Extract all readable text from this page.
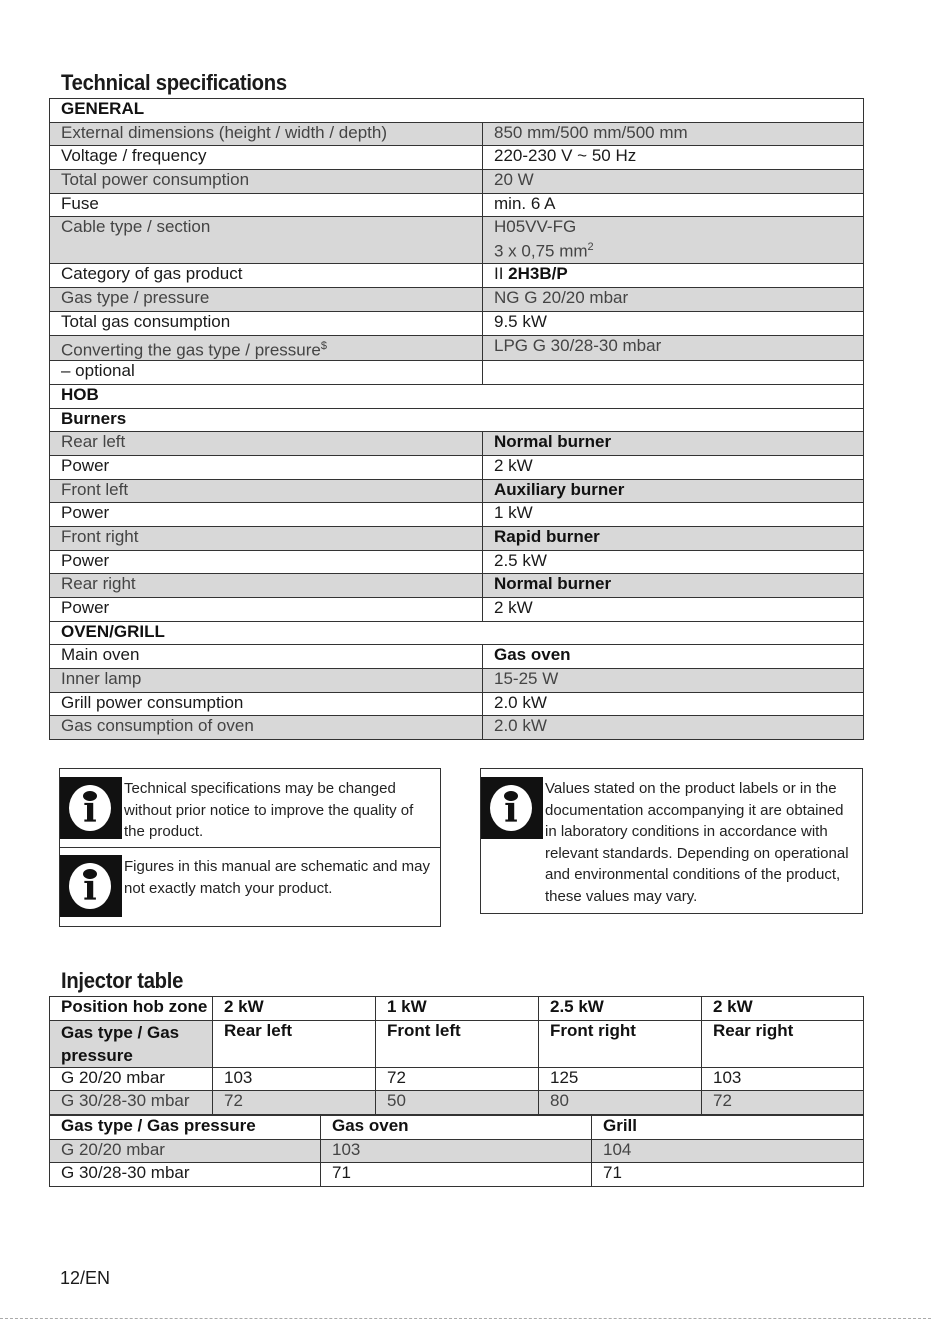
Technical specifications
GENERAL	
External dimensions (height / width / depth)	850 mm/500 mm/500 mm
Voltage / frequency	220-230 V ~ 50 Hz
Total power consumption	20 W
Fuse	min. 6 A
Cable type / section	H05VV-FG
3 x 0,75 $mm^2$

Category of gas product	II 2H3B/P
Gas type / pressure	NG G 20/20 mbar
Total gas consumption	9.5 kW
Converting the gas type / pressure$	LPG G 30/28-30 mbar
– optional	
HOB	
Burners	
Rear left	Normal burner
Power	2 kW
Front left	Auxiliary burner
Power	1 kW
Front right	Rapid burner
Power	2.5 kW
Rear right	Normal burner
Power	2 kW
OVEN/GRILL	
Main oven	Gas oven
Inner lamp	15-25 W
Grill power consumption	2.0 kW
Gas consumption of oven	2.0 kW
i
i
Technical specifications may be changed
without prior notice to improve the quality of
the product.
Figures in this manual are schematic and may
not exactly match your product.
i
Values stated on the product labels or in the
documentation accompanying it are obtained
in laboratory conditions in accordance with
relevant standards. Depending on operational
and environmental conditions of the product,
these values may vary.
Injector table
Position hob zone	2 kW	1 kW	2.5 kW	2 kW
Gas type / Gas pressure	Rear left	Front left	Front right	Rear right
G 20/20 mbar	103	72	125	103
G 30/28-30 mbar	72	50	80	72
Gas type / Gas pressure	Gas oven	Grill
G 20/20 mbar	103	104
G 30/28-30 mbar	71	71
12/EN
